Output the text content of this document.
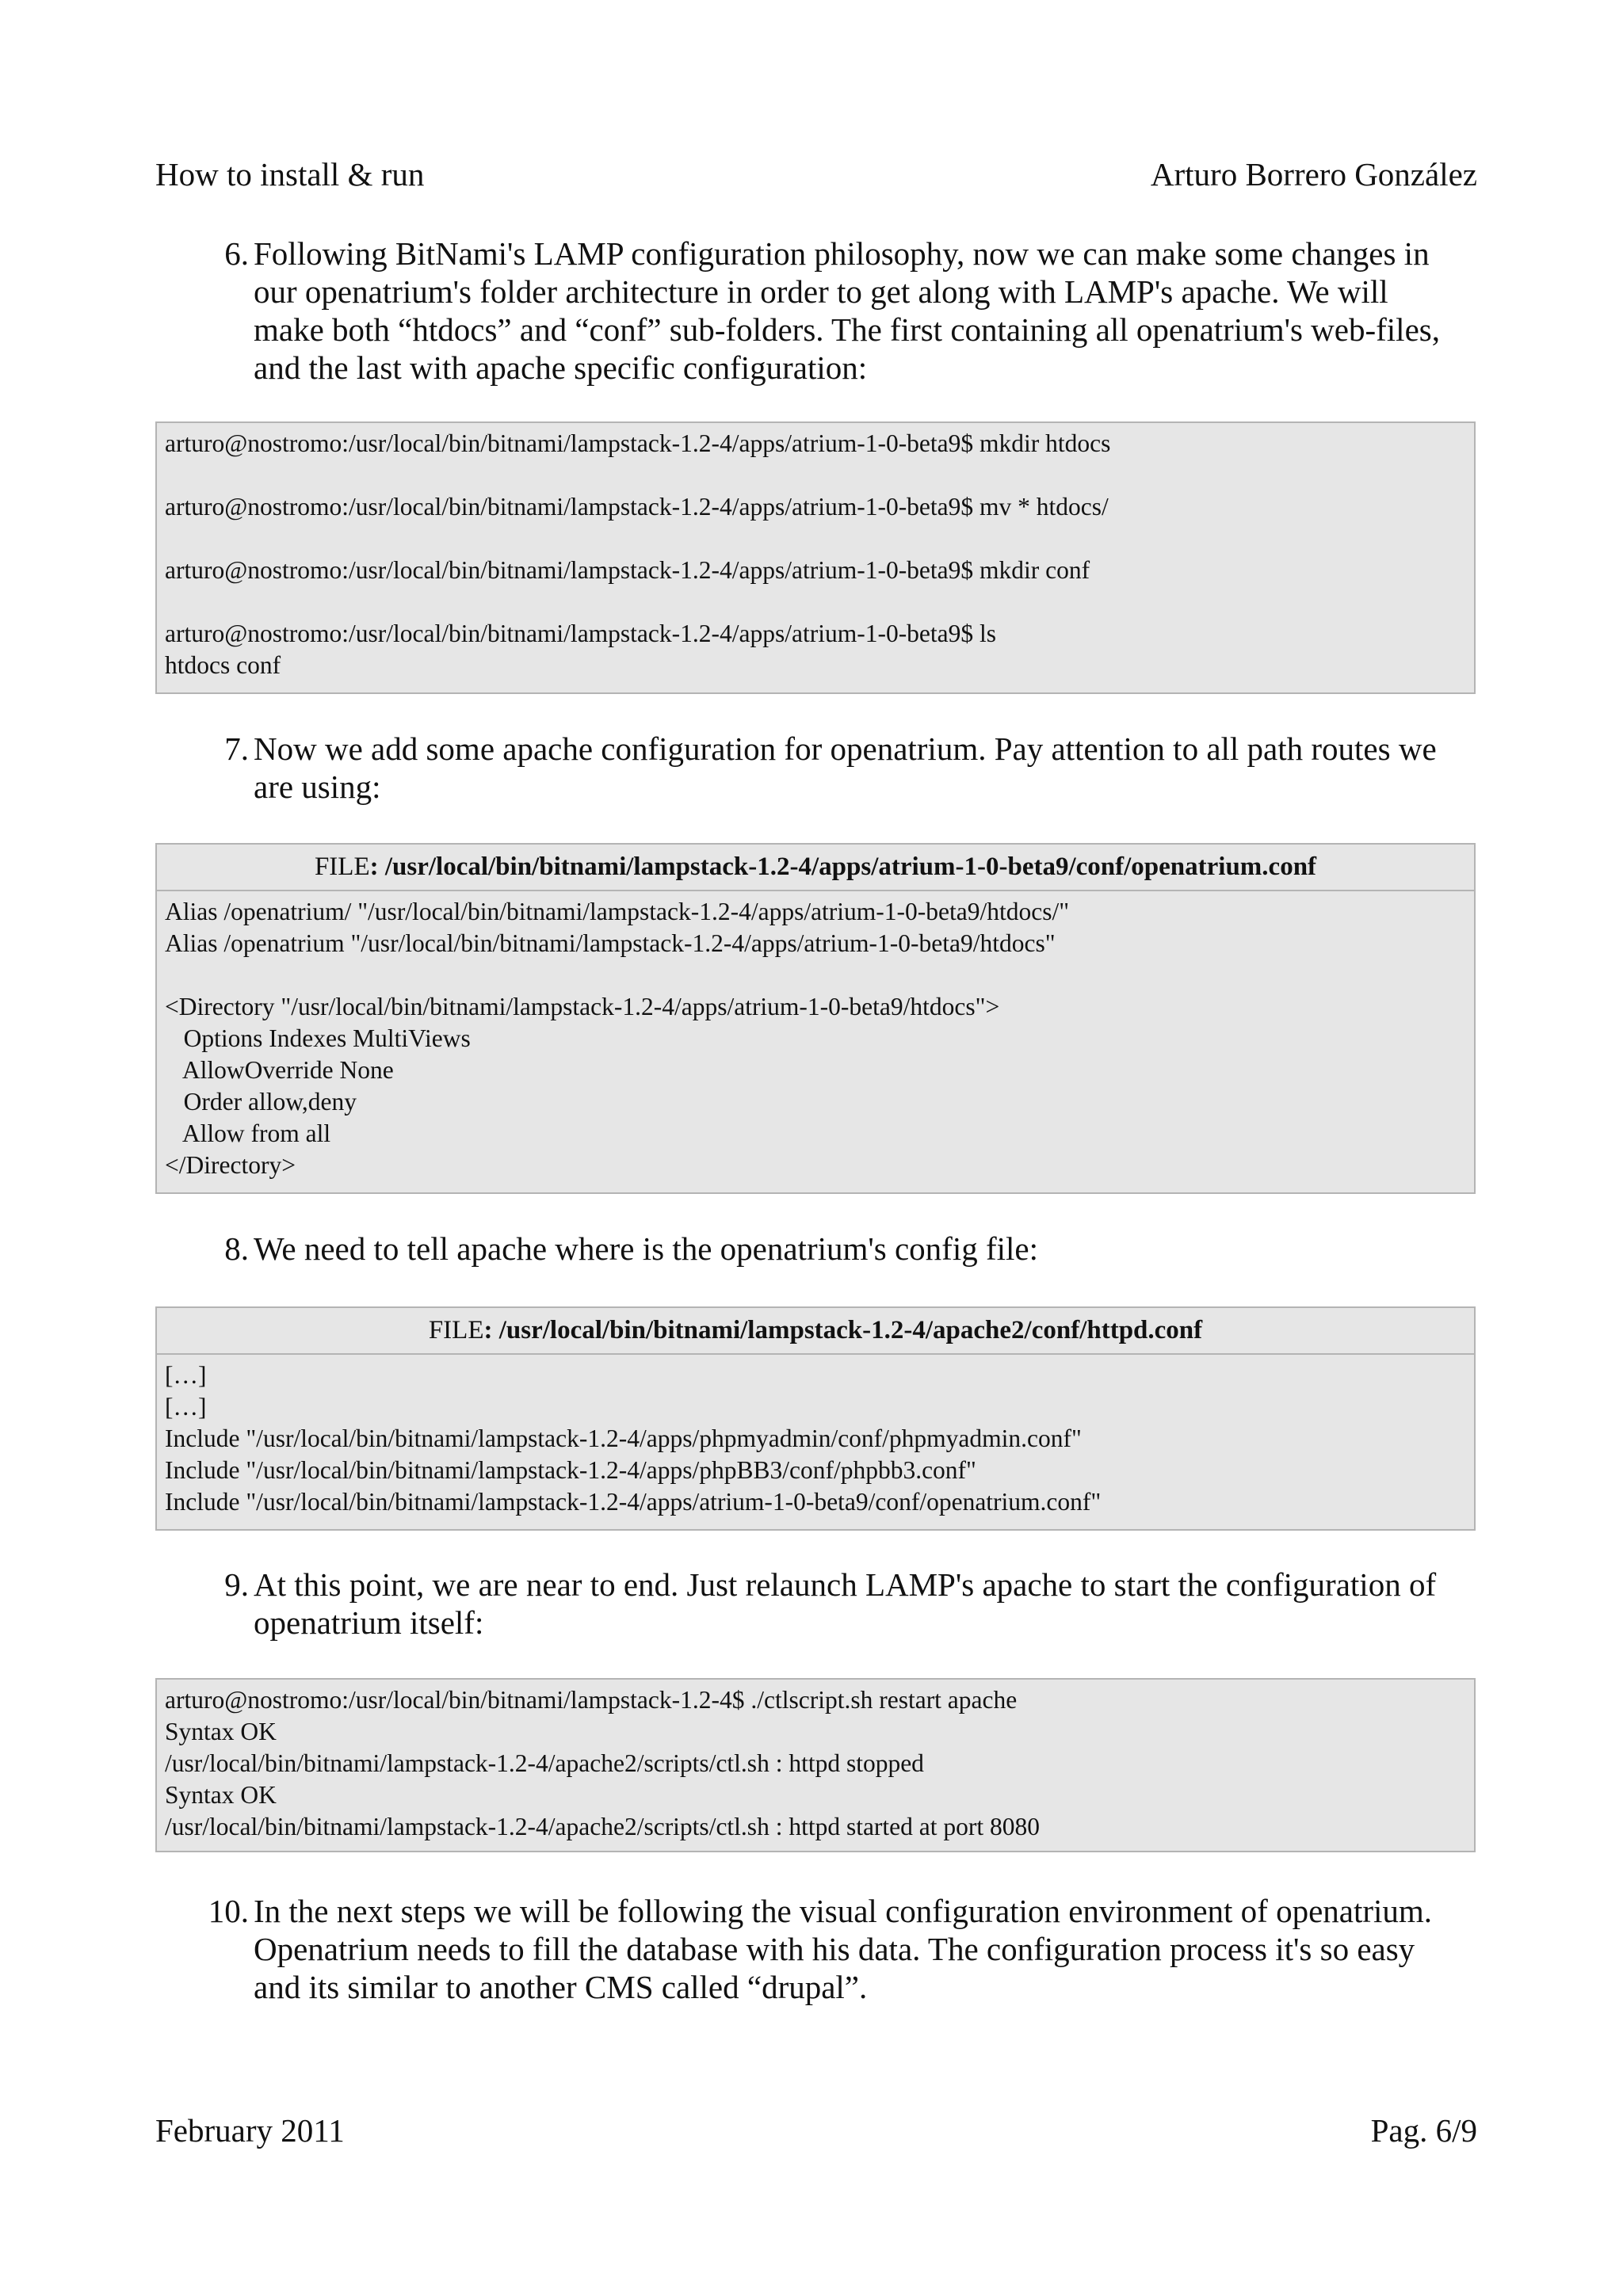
How to install & run	Arturo Borrero González
6. Following BitNami's LAMP configuration philosophy, now we can make some changes in
our openatrium's folder architecture in order to get along with LAMP's apache. We will
make both “htdocs” and “conf” sub-folders. The first containing all openatrium's web-files,
and the last with apache specific configuration:
arturo@nostromo:/usr/local/bin/bitnami/lampstack-1.2-4/apps/atrium-1-0-beta9$ mkdir htdocs

arturo@nostromo:/usr/local/bin/bitnami/lampstack-1.2-4/apps/atrium-1-0-beta9$ mv * htdocs/

arturo@nostromo:/usr/local/bin/bitnami/lampstack-1.2-4/apps/atrium-1-0-beta9$ mkdir conf

arturo@nostromo:/usr/local/bin/bitnami/lampstack-1.2-4/apps/atrium-1-0-beta9$ ls
htdocs conf
7. Now we add some apache configuration for openatrium. Pay attention to all path routes we
are using:
FILE: /usr/local/bin/bitnami/lampstack-1.2-4/apps/atrium-1-0-beta9/conf/openatrium.conf
Alias /openatrium/ "/usr/local/bin/bitnami/lampstack-1.2-4/apps/atrium-1-0-beta9/htdocs/"
Alias /openatrium "/usr/local/bin/bitnami/lampstack-1.2-4/apps/atrium-1-0-beta9/htdocs"

<Directory "/usr/local/bin/bitnami/lampstack-1.2-4/apps/atrium-1-0-beta9/htdocs">
Options Indexes MultiViews
AllowOverride None
Order allow,deny
Allow from all
</Directory>
8. We need to tell apache where is the openatrium's config file:
FILE: /usr/local/bin/bitnami/lampstack-1.2-4/apache2/conf/httpd.conf
[…]
[…]
Include "/usr/local/bin/bitnami/lampstack-1.2-4/apps/phpmyadmin/conf/phpmyadmin.conf"
Include "/usr/local/bin/bitnami/lampstack-1.2-4/apps/phpBB3/conf/phpbb3.conf"
Include "/usr/local/bin/bitnami/lampstack-1.2-4/apps/atrium-1-0-beta9/conf/openatrium.conf"
9. At this point, we are near to end. Just relaunch LAMP's apache to start the configuration of
openatrium itself:
arturo@nostromo:/usr/local/bin/bitnami/lampstack-1.2-4$ ./ctlscript.sh restart apache
Syntax OK
/usr/local/bin/bitnami/lampstack-1.2-4/apache2/scripts/ctl.sh : httpd stopped
Syntax OK
/usr/local/bin/bitnami/lampstack-1.2-4/apache2/scripts/ctl.sh : httpd started at port 8080
10. In the next steps we will be following the visual configuration environment of openatrium.
Openatrium needs to fill the database with his data. The configuration process it's so easy
and its similar to another CMS called “drupal”.
February 2011	Pag. 6/9
